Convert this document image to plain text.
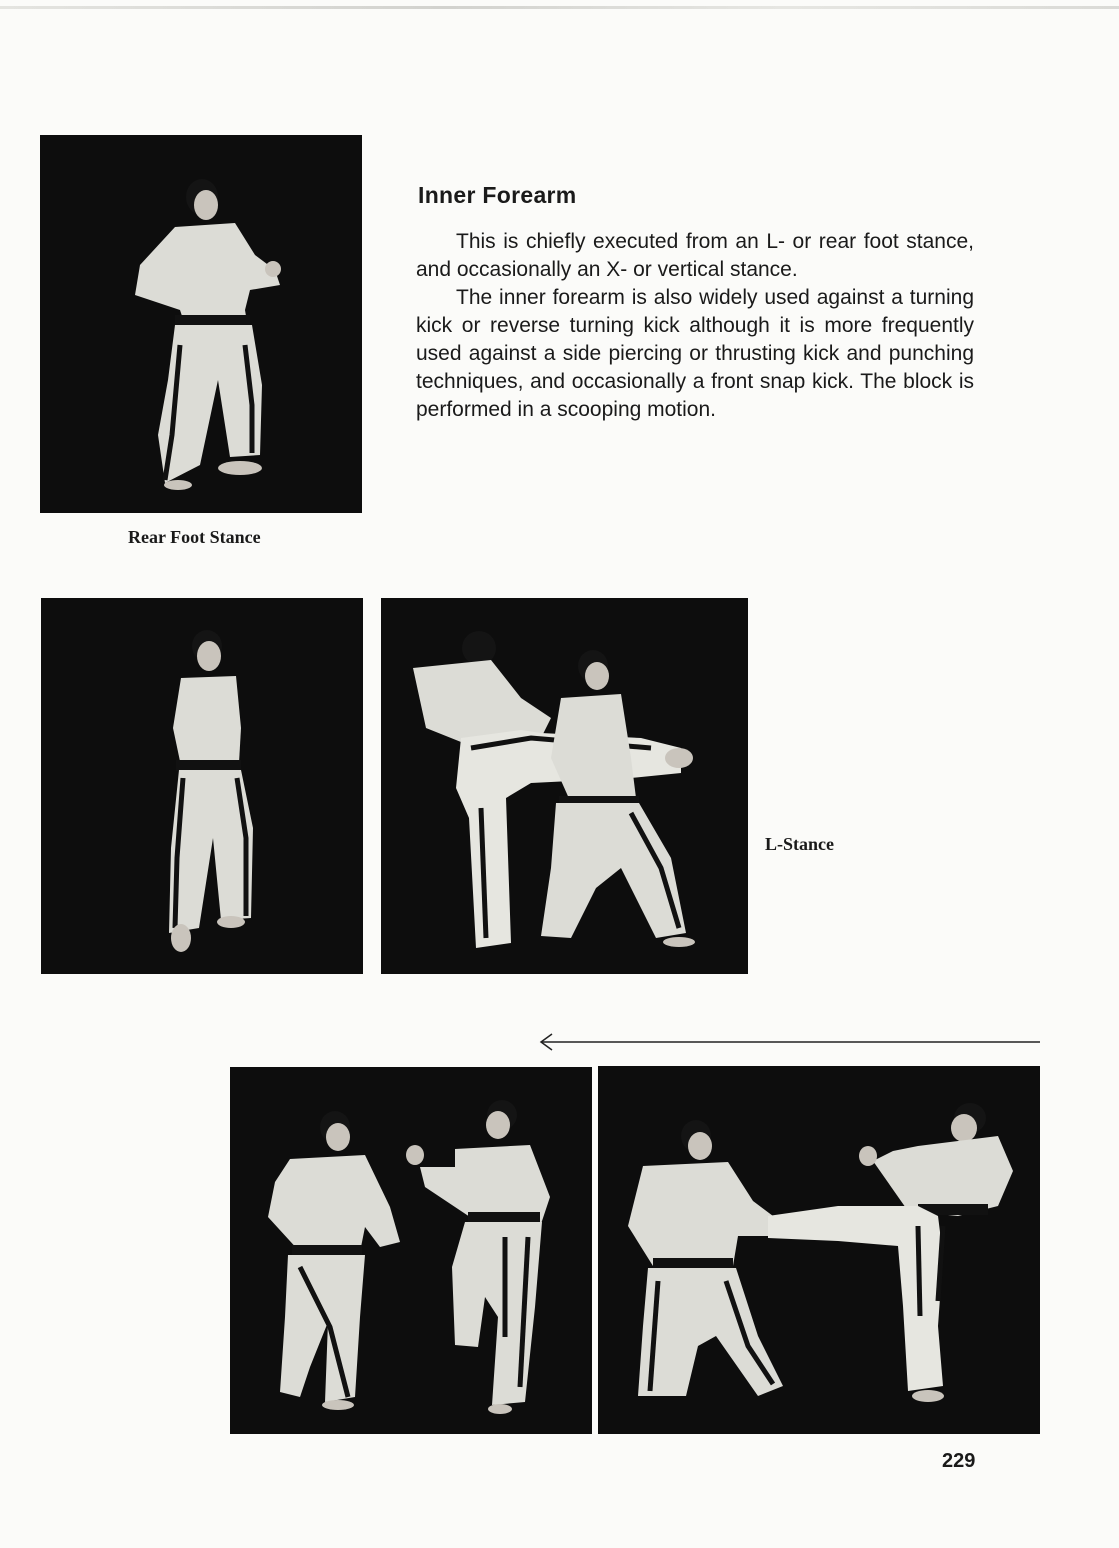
Rear Foot Stance
Inner Forearm

This is chiefly executed from an L- or rear foot stance, and occasionally an X- or vertical stance.

The inner forearm is also widely used against a turning kick or reverse turning kick although it is more frequently used against a side piercing or thrusting kick and punching techniques, and occasionally a front snap kick. The block is performed in a scooping motion.

L-Stance
229
